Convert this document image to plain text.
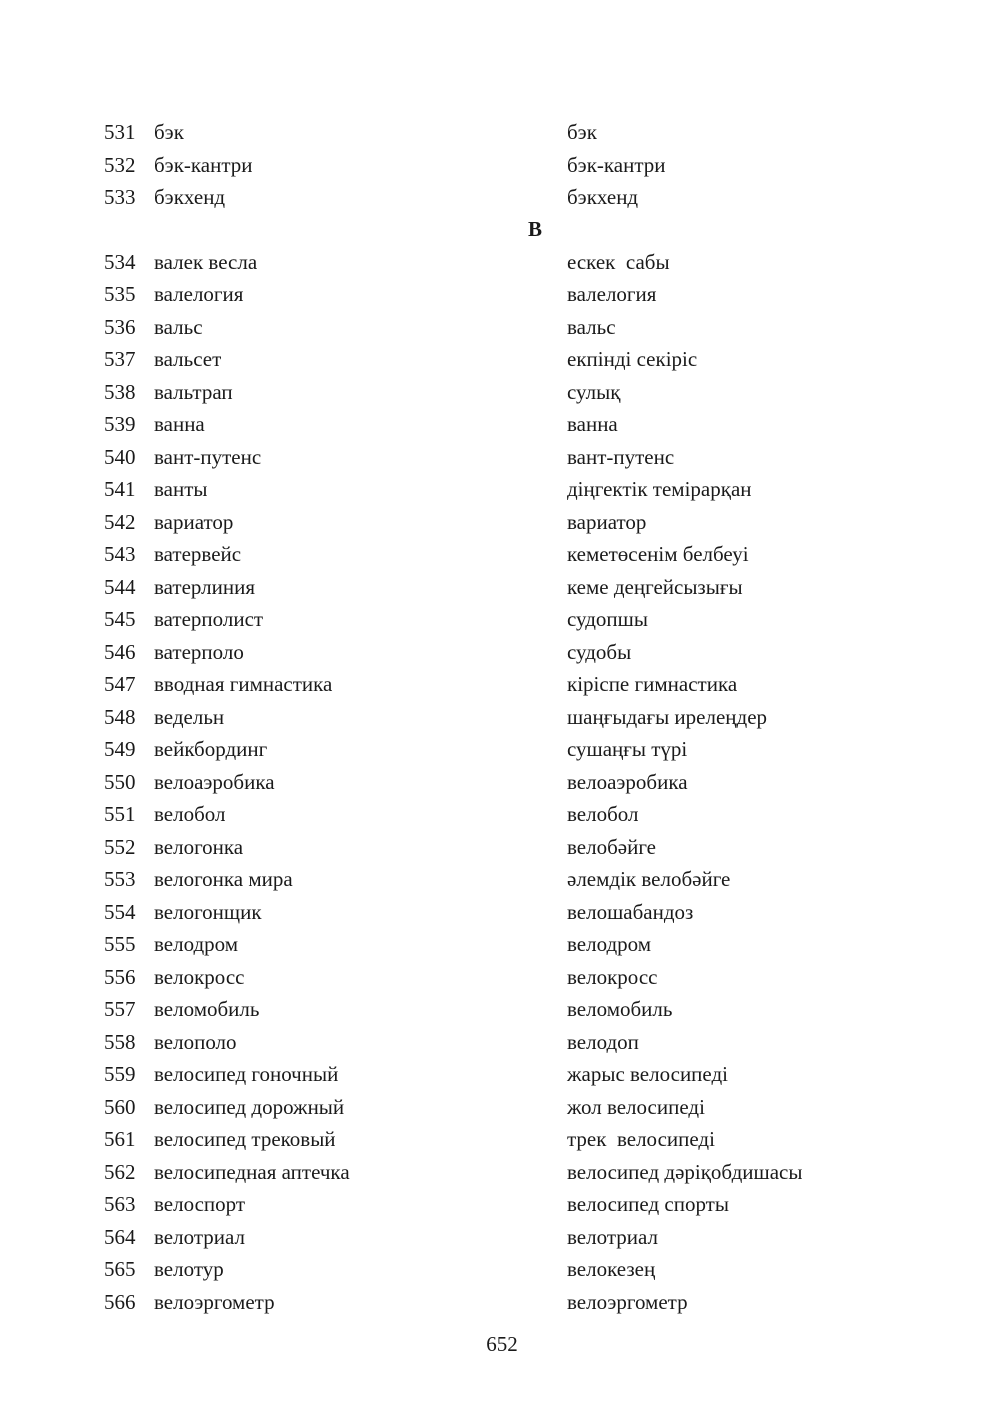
531 бэк	бэк
532 бэк-кантри	бэк-кантри
533 бэкхенд	бэкхенд
В
534 валек весла	ескек  сабы
535 валелогия	валелогия
536 вальс	вальс
537 вальсет	екпінді секіріс
538 вальтрап	сулық
539 ванна	ванна
540 вант-путенс	вант-путенс
541 ванты	діңгектік темірарқан
542 вариатор	вариатор
543 ватервейс	кеметөсенім белбеуі
544 ватерлиния	кеме деңгейсызығы
545 ватерполист	судопшы
546 ватерполо	судобы
547 вводная гимнастика	кіріспе гимнастика
548 ведельн	шаңғыдағы ирелеңдер
549 вейкбординг	сушаңғы түрі
550 велоаэробика	велоаэробика
551 велобол	велобол
552 велогонка	велобәйге
553 велогонка мира	әлемдік велобәйге
554 велогонщик	велошабандоз
555 велодром	велодром
556 велокросс	велокросс
557 веломобиль	веломобиль
558 велополо	велодоп
559 велосипед гоночный	жарыс велосипеді
560 велосипед дорожный	жол велосипеді
561 велосипед трековый	трек  велосипеді
562 велосипедная аптечка	велосипед дәріқобдишасы
563 велоспорт	велосипед спорты
564 велотриал	велотриал
565 велотур	велокезең
566 велоэргометр	велоэргометр
652
